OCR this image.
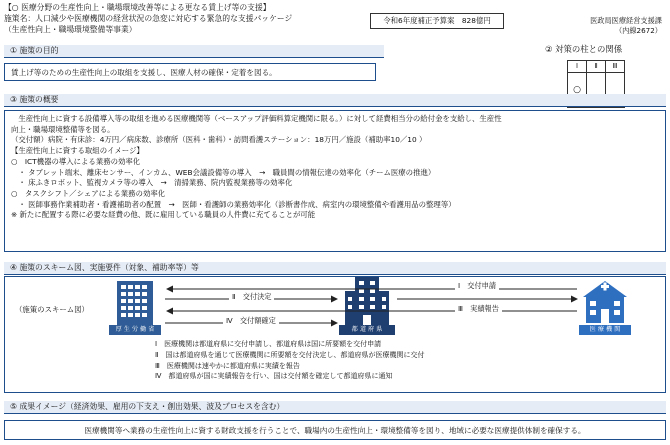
【○ 医療分野の生産性向上・職場環境改善等による更なる賃上げ等の支援】
施策名：人口減少や医療機関の経営状況の急変に対応する緊急的な支援パッケージ
（生産性向上・職場環境整備等事業）
令和6年度補正予算案　828億円	医政局医療経営支援課
（内線2672）
① 施策の目的
賃上げ等のための生産性向上の取組を支援し、医療人材の確保・定着を図る。
② 対策の柱との関係
Ⅰ	Ⅱ	Ⅲ
○		
③ 施策の概要

　生産性向上に資する設備導入等の取組を進める医療機関等（ベースアップ評価料算定機関に限る。）に対して経費相当分の給付金を支給し、生産性

向上・職場環境整備等を図る。

（交付額）病院・有床診：4万円／病床数、診療所（医科・歯科）・訪問看護ステーション：18万円／施設（補助率10／10 ）

【生産性向上に資する取組のイメージ】

○　ICT機器の導入による業務の効率化

　・ タブレット端末、離床センサー、インカム、WEB会議設備等の導入　→　職員間の情報伝達の効率化（チーム医療の推進）

　・ 床ふきロボット、監視カメラ等の導入　→　清掃業務、院内監視業務等の効率化

○　タスクシフト／シェアによる業務の効率化

　・ 医師事務作業補助者・看護補助者の配置　→　医師・看護師の業務効率化（診断書作成、病室内の環境整備や看護用品の整理等）

※ 新たに配置する際に必要な経費の他、既に雇用している職員の人件費に充てることが可能

④ 施策のスキーム図、実施要件（対象、補助率等）等
（施策のスキーム図）
厚 生 労 働 省	都 道 府 県	医 療 機 関
Ⅰ　交付申請
Ⅱ　交付決定
Ⅲ　実績報告
Ⅳ　交付額確定
Ⅰ　医療機関は都道府県に交付申請し、都道府県は国に所要額を交付申請
Ⅱ　国は都道府県を通じて医療機関に所要額を交付決定し、都道府県が医療機関に交付
Ⅲ　医療機関は速やかに都道府県に実績を報告
Ⅳ　都道府県が国に実績報告を行い、国は交付額を確定して都道府県に通知
⑤ 成果イメージ（経済効果、雇用の下支え・創出効果、波及プロセスを含む）
医療機関等へ業務の生産性向上に資する財政支援を行うことで、職場内の生産性向上・環境整備等を図り、地域に必要な医療提供体制を確保する。
